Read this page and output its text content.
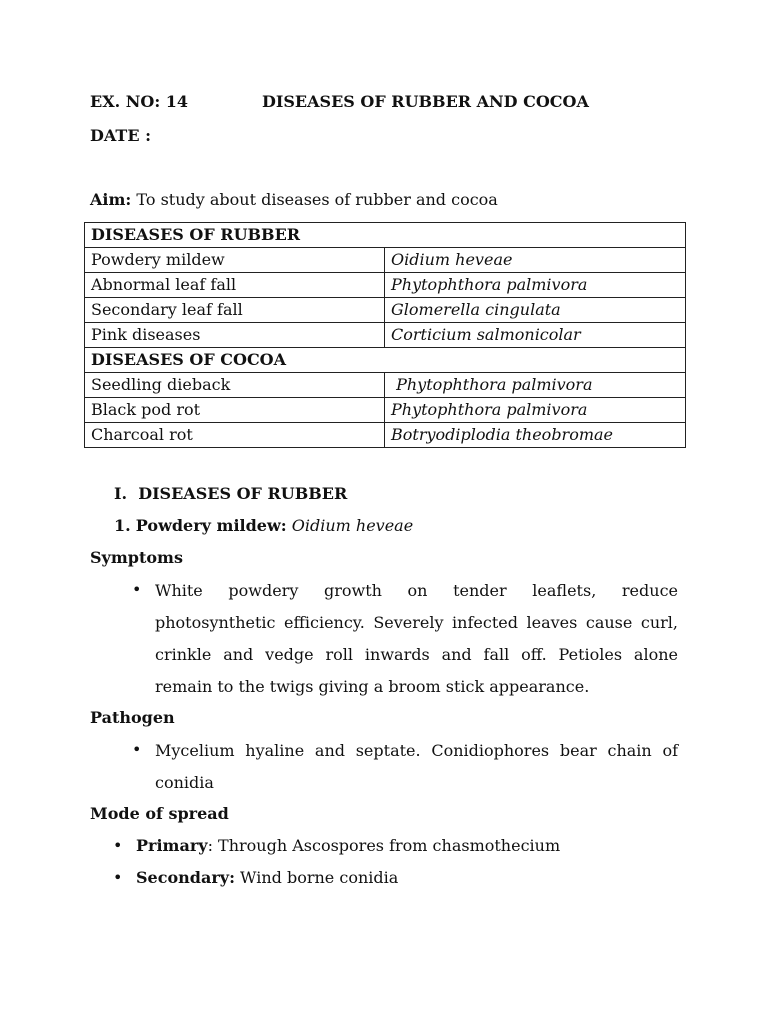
EX. NO: 14	DISEASES OF RUBBER AND COCOA
DATE :
Aim: To study about diseases of rubber and cocoa
DISEASES OF RUBBER	
Powdery mildew	Oidium heveae
Abnormal leaf fall	Phytophthora palmivora
Secondary leaf fall	Glomerella cingulata
Pink diseases	Corticium salmonicolar
DISEASES OF COCOA	
Seedling dieback	Phytophthora palmivora
Black pod rot	Phytophthora palmivora
Charcoal rot	Botryodiplodia theobromae
I.  DISEASES OF RUBBER
1. Powdery mildew: Oidium heveae
Symptoms
• White powdery growth on tender leaflets, reduce photosynthetic efficiency. Severely infected leaves cause curl, crinkle and vedge roll inwards and fall off. Petioles alone remain to the twigs giving a broom stick appearance.
Pathogen
• Mycelium hyaline and septate. Conidiophores bear chain of conidia
Mode of spread
• Primary: Through Ascospores from chasmothecium
• Secondary: Wind borne conidia
